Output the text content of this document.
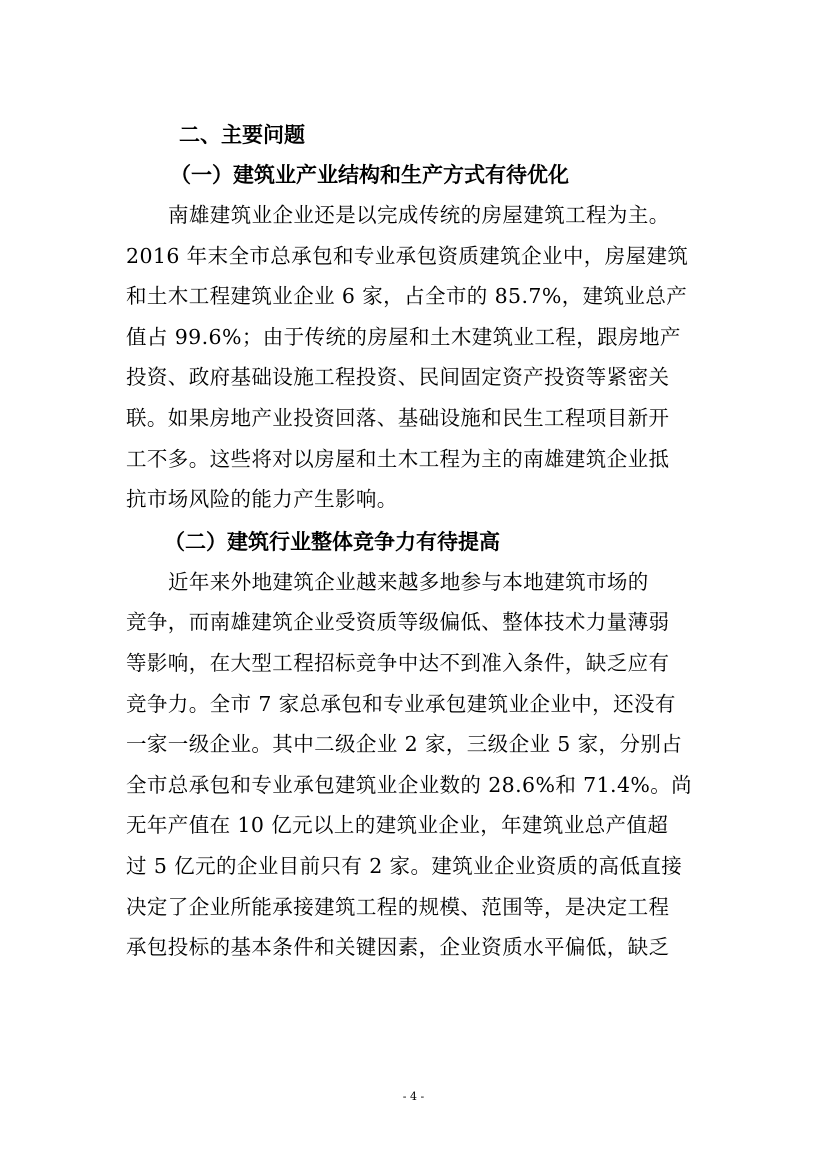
二、主要问题
（一）建筑业产业结构和生产方式有待优化
南雄建筑业企业还是以完成传统的房屋建筑工程为主。
2016 年末全市总承包和专业承包资质建筑企业中，房屋建筑
和土木工程建筑业企业 6 家，占全市的 85.7%，建筑业总产
值占 99.6%；由于传统的房屋和土木建筑业工程，跟房地产
投资、政府基础设施工程投资、民间固定资产投资等紧密关
联。如果房地产业投资回落、基础设施和民生工程项目新开
工不多。这些将对以房屋和土木工程为主的南雄建筑企业抵
抗市场风险的能力产生影响。
（二）建筑行业整体竞争力有待提高
近年来外地建筑企业越来越多地参与本地建筑市场的
竞争，而南雄建筑企业受资质等级偏低、整体技术力量薄弱
等影响，在大型工程招标竞争中达不到准入条件，缺乏应有
竞争力。全市 7 家总承包和专业承包建筑业企业中，还没有
一家一级企业。其中二级企业 2 家，三级企业 5 家，分别占
全市总承包和专业承包建筑业企业数的 28.6%和 71.4%。尚
无年产值在 10 亿元以上的建筑业企业，年建筑业总产值超
过 5 亿元的企业目前只有 2 家。建筑业企业资质的高低直接
决定了企业所能承接建筑工程的规模、范围等，是决定工程
承包投标的基本条件和关键因素，企业资质水平偏低，缺乏
- 4 -
